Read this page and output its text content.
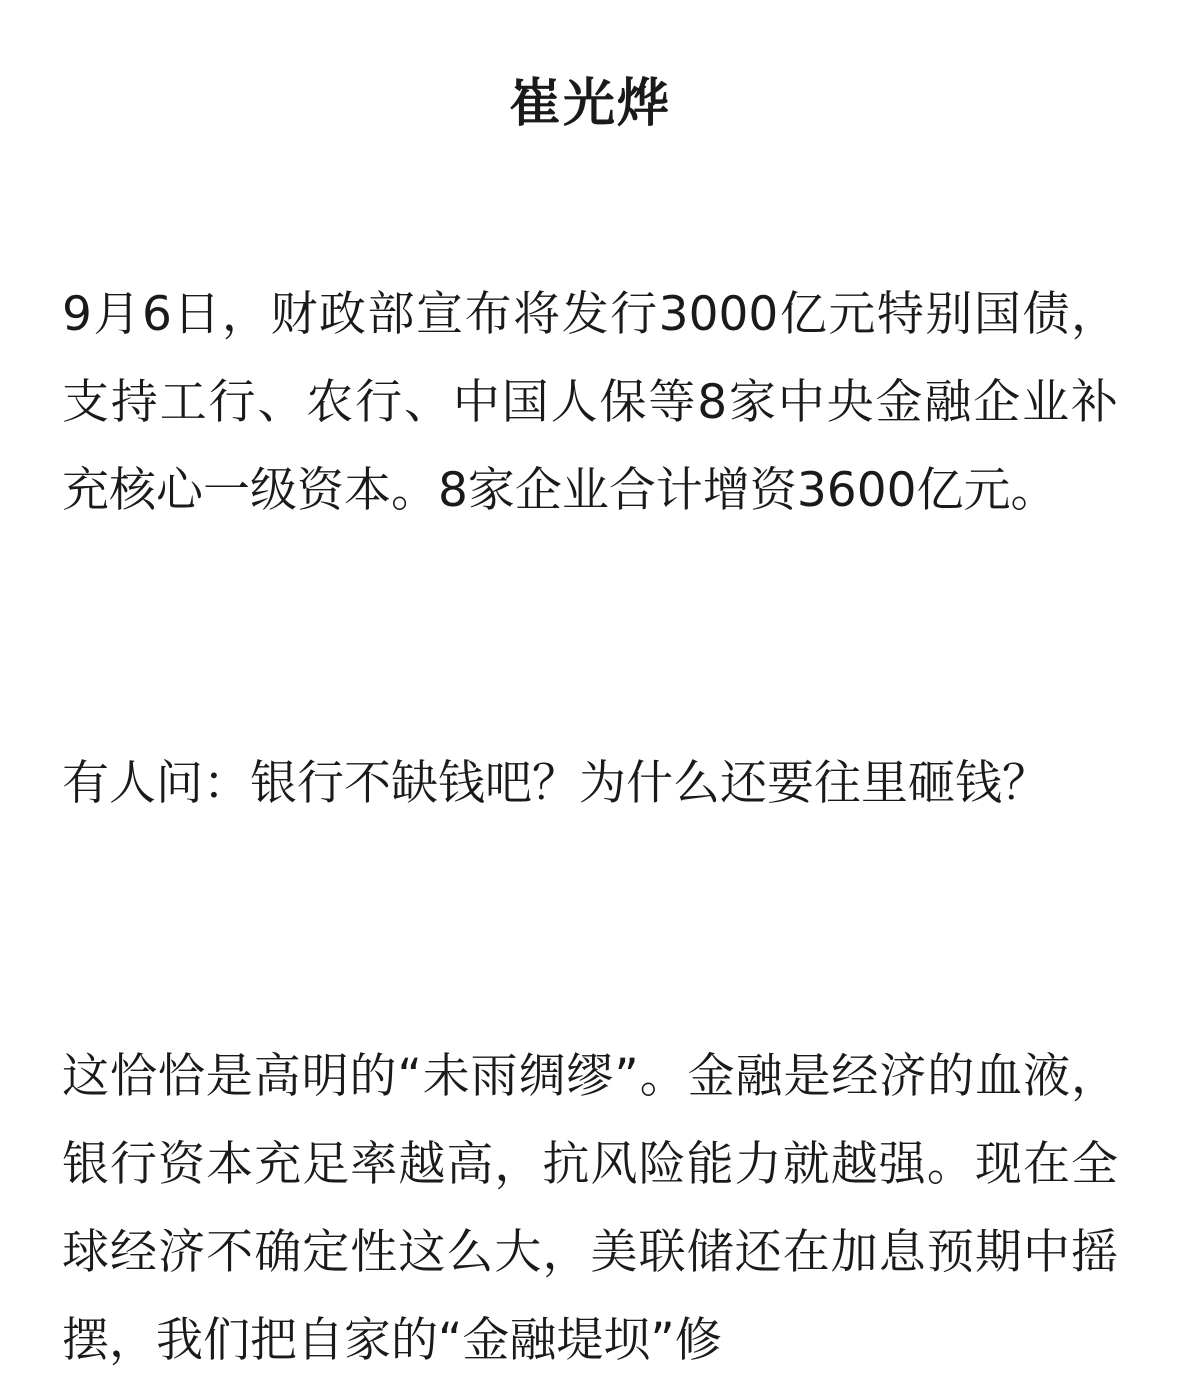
崔光烨

9月6日，财政部宣布将发行3000亿元特别国债，支持工行、农行、中国人保等8家中央金融企业补充核心一级资本。8家企业合计增资3600亿元。

有人问：银行不缺钱吧？为什么还要往里砸钱？

这恰恰是高明的“未雨绸缪”。金融是经济的血液，银行资本充足率越高，抗风险能力就越强。现在全球经济不确定性这么大，美联储还在加息预期中摇摆，我们把自家的“金融堤坝”修
